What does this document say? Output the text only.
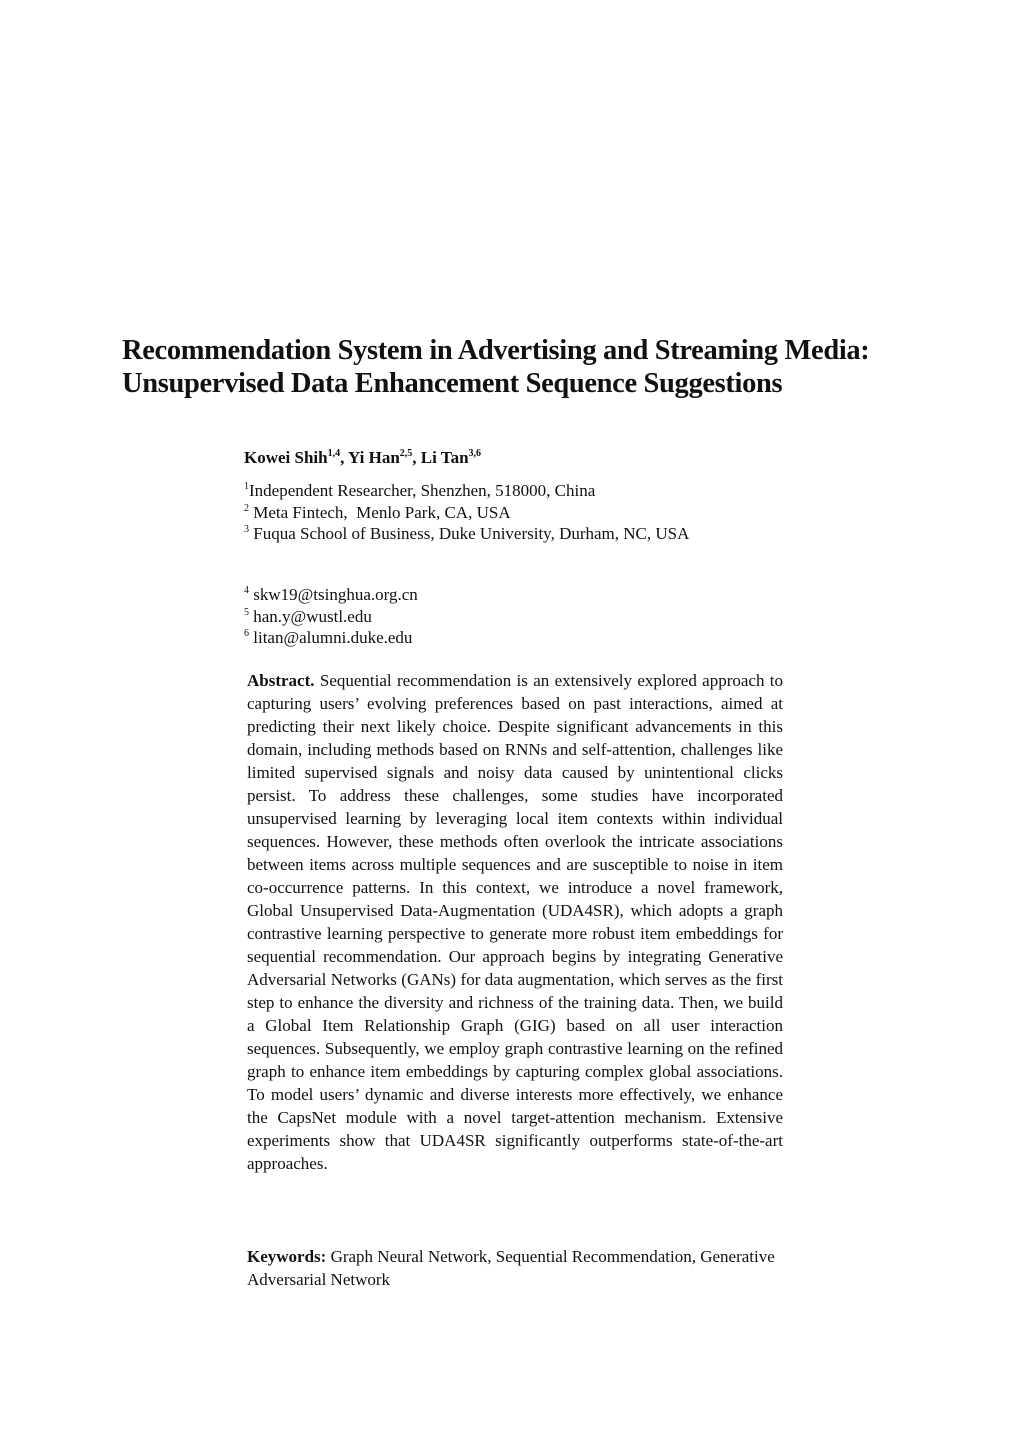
Recommendation System in Advertising and Streaming Media:
Unsupervised Data Enhancement Sequence Suggestions
Kowei Shih$^{1,4}$, Yi Han$^{2,5}$, Li Tan$^{3,6}$
$^1$Independent Researcher, Shenzhen, 518000, China
$^2$ Meta Fintech,  Menlo Park, CA, USA
$^3$ Fuqua School of Business, Duke University, Durham, NC, USA
$^4$ skw19@tsinghua.org.cn
$^5$ han.y@wustl.edu
$^6$ litan@alumni.duke.edu

Abstract. Sequential recommendation is an extensively explored approach to capturing users’ evolving preferences based on past interactions, aimed at predicting their next likely choice. Despite significant advancements in this domain, including methods based on RNNs and self-attention, challenges like limited supervised signals and noisy data caused by unintentional clicks persist. To address these challenges, some studies have incorporated unsupervised learning by leveraging local item contexts within individual sequences. However, these methods often overlook the intricate associations between items across multiple sequences and are susceptible to noise in item co-occurrence patterns. In this context, we introduce a novel framework, Global Unsupervised Data-Augmentation (UDA4SR), which adopts a graph contrastive learning perspective to generate more robust item embeddings for sequential recommendation. Our approach begins by integrating Generative Adversarial Networks (GANs) for data augmentation, which serves as the first step to enhance the diversity and richness of the training data. Then, we build a Global Item Relationship Graph (GIG) based on all user interaction sequences. Subsequently, we employ graph contrastive learning on the refined graph to enhance item embeddings by capturing complex global associations. To model users’ dynamic and diverse interests more effectively, we enhance the CapsNet module with a novel target-attention mechanism. Extensive experiments show that UDA4SR significantly outperforms state-of-the-art approaches.

Keywords: Graph Neural Network, Sequential Recommendation, Generative Adversarial Network
